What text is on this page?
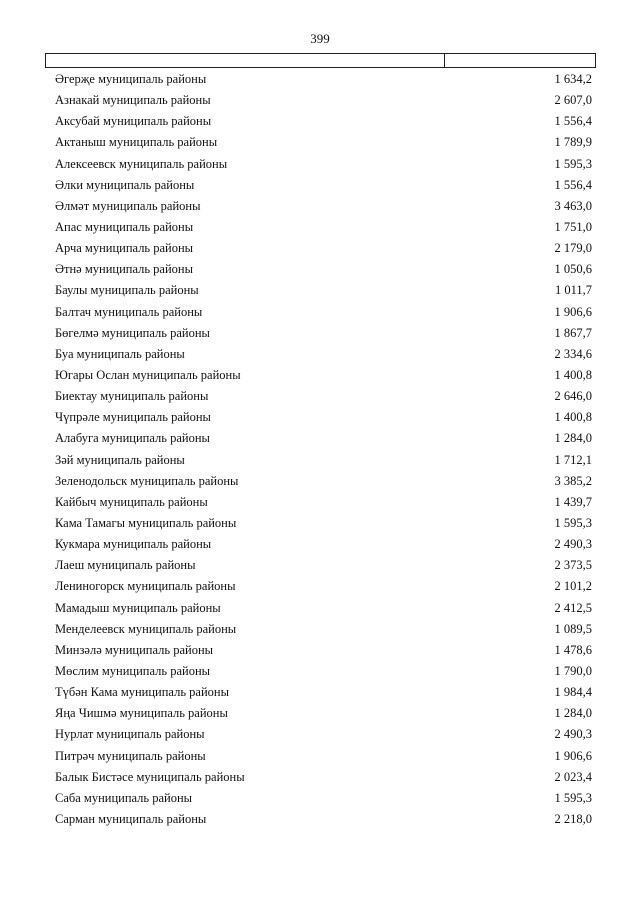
399
Әгерҗе муниципаль районы	1 634,2
Азнакай муниципаль районы	2 607,0
Аксубай муниципаль районы	1 556,4
Актаныш муниципаль районы	1 789,9
Алексеевск муниципаль районы	1 595,3
Әлки муниципаль районы	1 556,4
Әлмәт муниципаль районы	3 463,0
Апас муниципаль районы	1 751,0
Арча муниципаль районы	2 179,0
Әтнә муниципаль районы	1 050,6
Баулы муниципаль районы	1 011,7
Балтач муниципаль районы	1 906,6
Бөгелмә муниципаль районы	1 867,7
Буа муниципаль районы	2 334,6
Югары Ослан муниципаль районы	1 400,8
Биектау муниципаль районы	2 646,0
Чүпрәле муниципаль районы	1 400,8
Алабуга муниципаль районы	1 284,0
Зәй муниципаль районы	1 712,1
Зеленодольск муниципаль районы	3 385,2
Кайбыч муниципаль районы	1 439,7
Кама Тамагы муниципаль районы	1 595,3
Кукмара муниципаль районы	2 490,3
Лаеш муниципаль районы	2 373,5
Лениногорск муниципаль районы	2 101,2
Мамадыш муниципаль районы	2 412,5
Менделеевск муниципаль районы	1 089,5
Минзәлә муниципаль районы	1 478,6
Мөслим муниципаль районы	1 790,0
Түбән Кама муниципаль районы	1 984,4
Яңа Чишмә муниципаль районы	1 284,0
Нурлат муниципаль районы	2 490,3
Питрәч муниципаль районы	1 906,6
Балык Бистәсе муниципаль районы	2 023,4
Саба муниципаль районы	1 595,3
Сарман муниципаль районы	2 218,0
